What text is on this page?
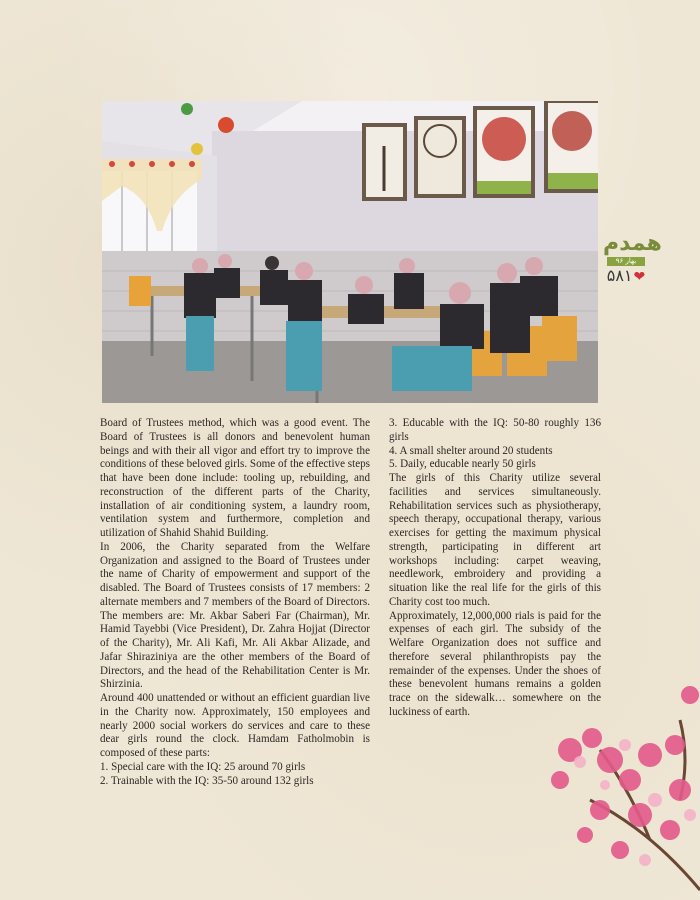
همدم
بهار ۹۶
۵۸۱❤

Board of Trustees method, which was a good event. The Board of Trustees is all donors and benevolent human beings and with their all vigor and effort try to improve the conditions of these beloved girls. Some of the effective steps that have been done include: tooling up, rebuilding, and reconstruction of the different parts of the Charity, installation of air conditioning system, a laundry room, ventilation system and furthermore, completion and utilization of Shahid Shahid Building.

In 2006, the Charity separated from the Welfare Organization and assigned to the Board of Trustees under the name of Charity of empowerment and support of the disabled. The Board of Trustees consists of 17 members: 2 alternate members and 7 members of the Board of Directors. The members are: Mr. Akbar Saberi Far (Chairman), Mr. Hamid Tayebbi (Vice President), Dr. Zahra Hojjat (Director of the Charity), Mr. Ali Kafi, Mr. Ali Akbar Alizade, and Jafar Shiraziniya are the other members of the Board of Directors, and the head of the Rehabilitation Center is Mr. Shirzinia.

Around 400 unattended or without an efficient guardian live in the Charity now. Approximately, 150 employees and nearly 2000 social workers do services and care to these dear girls round the clock. Hamdam Fatholmobin is composed of these parts:

1. Special care with the IQ: 25 around 70 girls

2. Trainable with the IQ: 35-50 around 132 girls

3. Educable with the IQ: 50-80 roughly 136 girls

4. A small shelter around 20 students

5. Daily, educable nearly 50 girls

The girls of this Charity utilize several facilities and services simultaneously. Rehabilitation services such as physiotherapy, speech therapy, occupational therapy, various exercises for getting the maximum physical strength, participating in different art workshops including: carpet weaving, needlework, embroidery and providing a situation like the real life for the girls of this Charity cost too much.

Approximately, 12,000,000 rials is paid for the expenses of each girl. The subsidy of the Welfare Organization does not suffice and therefore several philanthropists pay the remainder of the expenses. Under the shoes of these benevolent humans remains a golden trace on the sidewalk… somewhere on the luckiness of earth.
